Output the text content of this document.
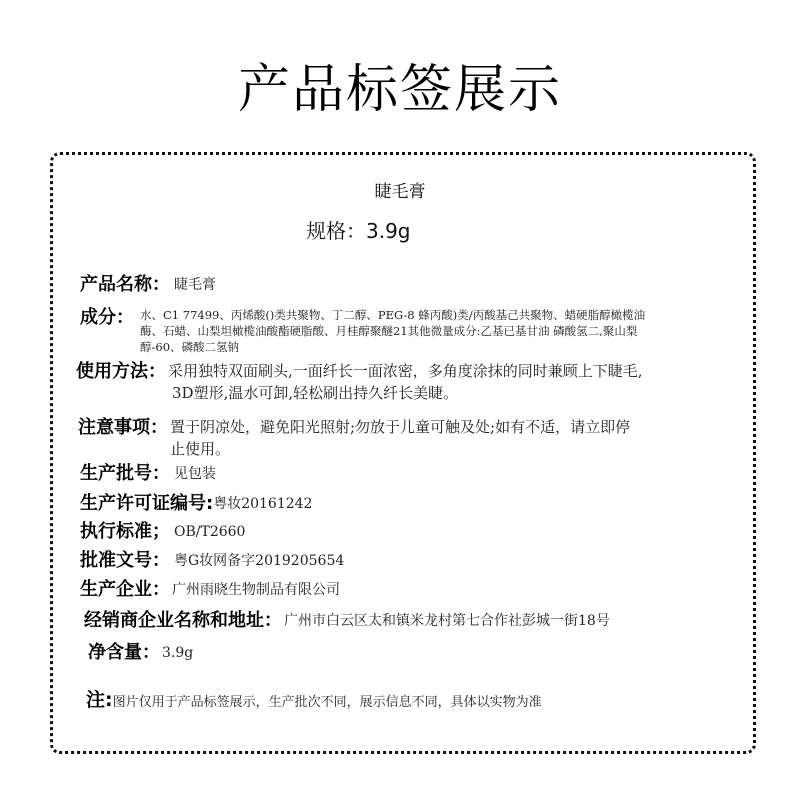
产品标签展示
睫毛膏
规格：3.9g
产品名称： 睫毛膏
成分： 水、C1 77499、丙烯酸()类共聚物、丁二醇、PEG-8 蜂丙酸)类/丙酸基己共聚物、蜡硬脂醇橄榄油
酶、石蜡、山梨坦橄榄油酸酯硬脂酸、月桂醇聚醚21其他微量成分:乙基已基甘油 磷酸氢二,聚山梨
醇-60、磷酸二氢钠
使用方法： 采用独特双面刷头,一面纤长一面浓密，多角度涂抹的同时兼顾上下睫毛,
3D塑形,温水可卸,轻松刷出持久纤长美睫。
注意事项： 置于阴凉处，避免阳光照射;勿放于儿童可触及处;如有不适，请立即停
止使用。
生产批号： 见包装
生产许可证编号: 粤妆20161242
执行标准； OB/T2660
批准文号： 粤G妆网备字2019205654
生产企业： 广州雨晓生物制品有限公司
经销商企业名称和地址： 广州市白云区太和镇米龙村第七合作社彭城一街18号
净含量： 3.9g
注: 图片仅用于产品标签展示，生产批次不同，展示信息不同，具体以实物为准
